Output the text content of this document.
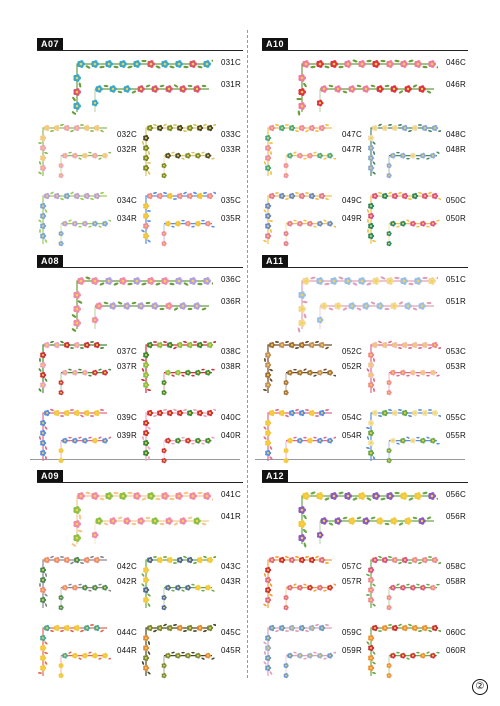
A07
031C
031R
032C
032R
033C
033R
034C
034R
035C
035R
A10
046C
046R
047C
047R
048C
048R
049C
049R
050C
050R
A08
036C
036R
037C
037R
038C
038R
039C
039R
040C
040R
A11
051C
051R
052C
052R
053C
053R
054C
054R
055C
055R
A09
041C
041R
042C
042R
043C
043R
044C
044R
045C
045R
A12
056C
056R
057C
057R
058C
058R
059C
059R
060C
060R
②
